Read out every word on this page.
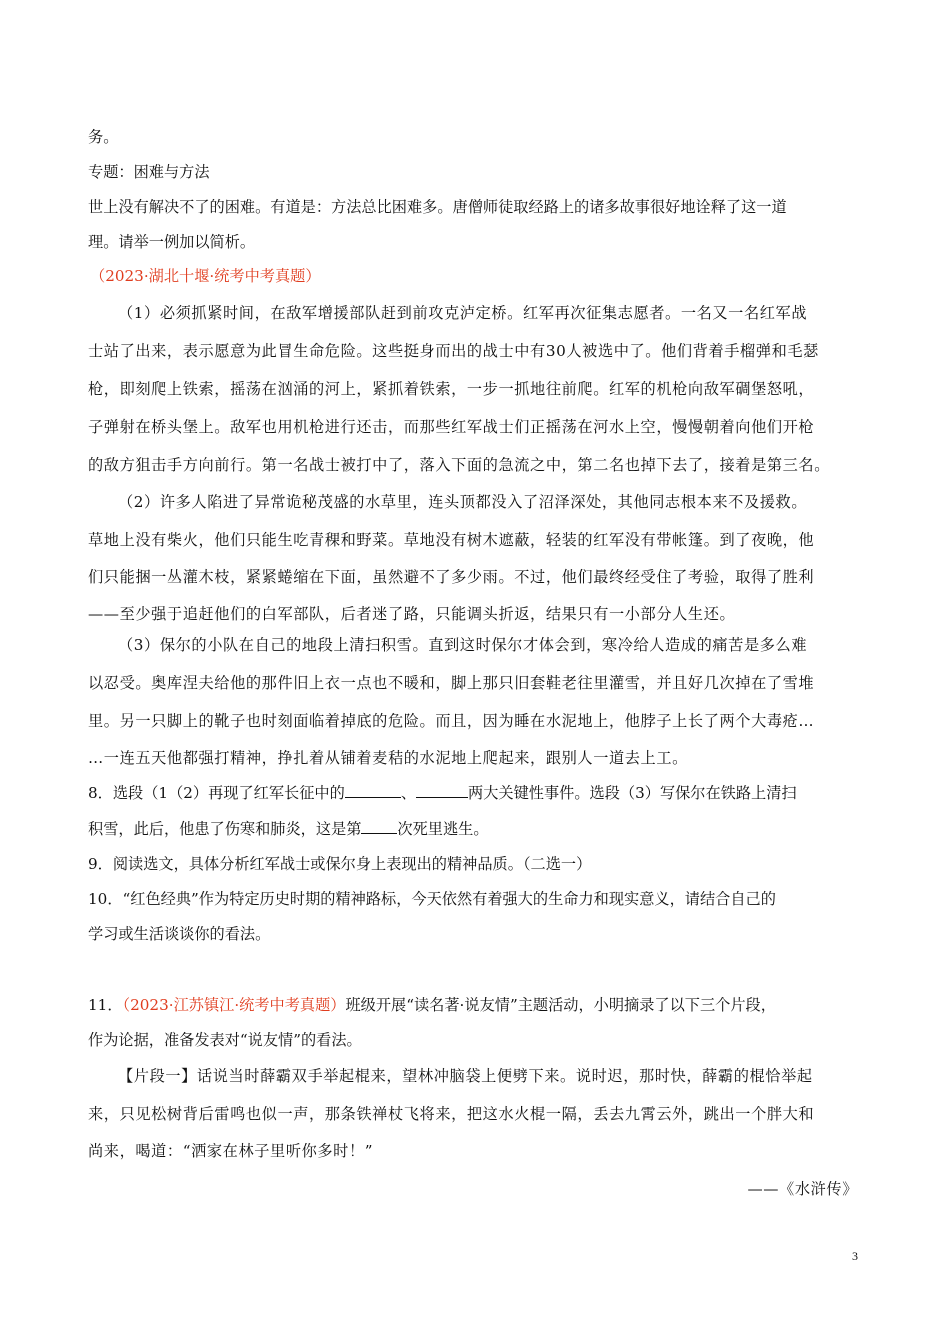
务。
专题：困难与方法
世上没有解决不了的困难。有道是：方法总比困难多。唐僧师徒取经路上的诸多故事很好地诠释了这一道
理。请举一例加以简析。
（2023·湖北十堰·统考中考真题）
（1）必须抓紧时间，在敌军增援部队赶到前攻克泸定桥。红军再次征集志愿者。一名又一名红军战
士站了出来，表示愿意为此冒生命危险。这些挺身而出的战士中有30人被选中了。他们背着手榴弹和毛瑟
枪，即刻爬上铁索，摇荡在汹涌的河上，紧抓着铁索，一步一抓地往前爬。红军的机枪向敌军碉堡怒吼，
子弹射在桥头堡上。敌军也用机枪进行还击，而那些红军战士们正摇荡在河水上空，慢慢朝着向他们开枪
的敌方狙击手方向前行。第一名战士被打中了，落入下面的急流之中，第二名也掉下去了，接着是第三名。
（2）许多人陷进了异常诡秘茂盛的水草里，连头顶都没入了沼泽深处，其他同志根本来不及援救。
草地上没有柴火，他们只能生吃青稞和野菜。草地没有树木遮蔽，轻装的红军没有带帐篷。到了夜晚，他
们只能捆一丛灌木枝，紧紧蜷缩在下面，虽然避不了多少雨。不过，他们最终经受住了考验，取得了胜利
——至少强于追赶他们的白军部队，后者迷了路，只能调头折返，结果只有一小部分人生还。
（3）保尔的小队在自己的地段上清扫积雪。直到这时保尔才体会到，寒冷给人造成的痛苦是多么难
以忍受。奥库涅夫给他的那件旧上衣一点也不暖和，脚上那只旧套鞋老往里灌雪，并且好几次掉在了雪堆
里。另一只脚上的靴子也时刻面临着掉底的危险。而且，因为睡在水泥地上，他脖子上长了两个大毒疮…
…一连五天他都强打精神，挣扎着从铺着麦秸的水泥地上爬起来，跟别人一道去上工。
8．选段（1（2）再现了红军长征中的	、	两大关键性事件。选段（3）写保尔在铁路上清扫
积雪，此后，他患了伤寒和肺炎，这是第 次死里逃生。
9．阅读选文，具体分析红军战士或保尔身上表现出的精神品质。（二选一）
10．“红色经典”作为特定历史时期的精神路标，今天依然有着强大的生命力和现实意义，请结合自己的
学习或生活谈谈你的看法。
11．（2023·江苏镇江·统考中考真题）班级开展“读名著·说友情”主题活动，小明摘录了以下三个片段，
作为论据，准备发表对“说友情”的看法。
【片段一】话说当时薛霸双手举起棍来，望林冲脑袋上便劈下来。说时迟，那时快，薛霸的棍恰举起
来，只见松树背后雷鸣也似一声，那条铁禅杖飞将来，把这水火棍一隔，丢去九霄云外，跳出一个胖大和
尚来，喝道：“洒家在林子里听你多时！”
——《水浒传》
3
